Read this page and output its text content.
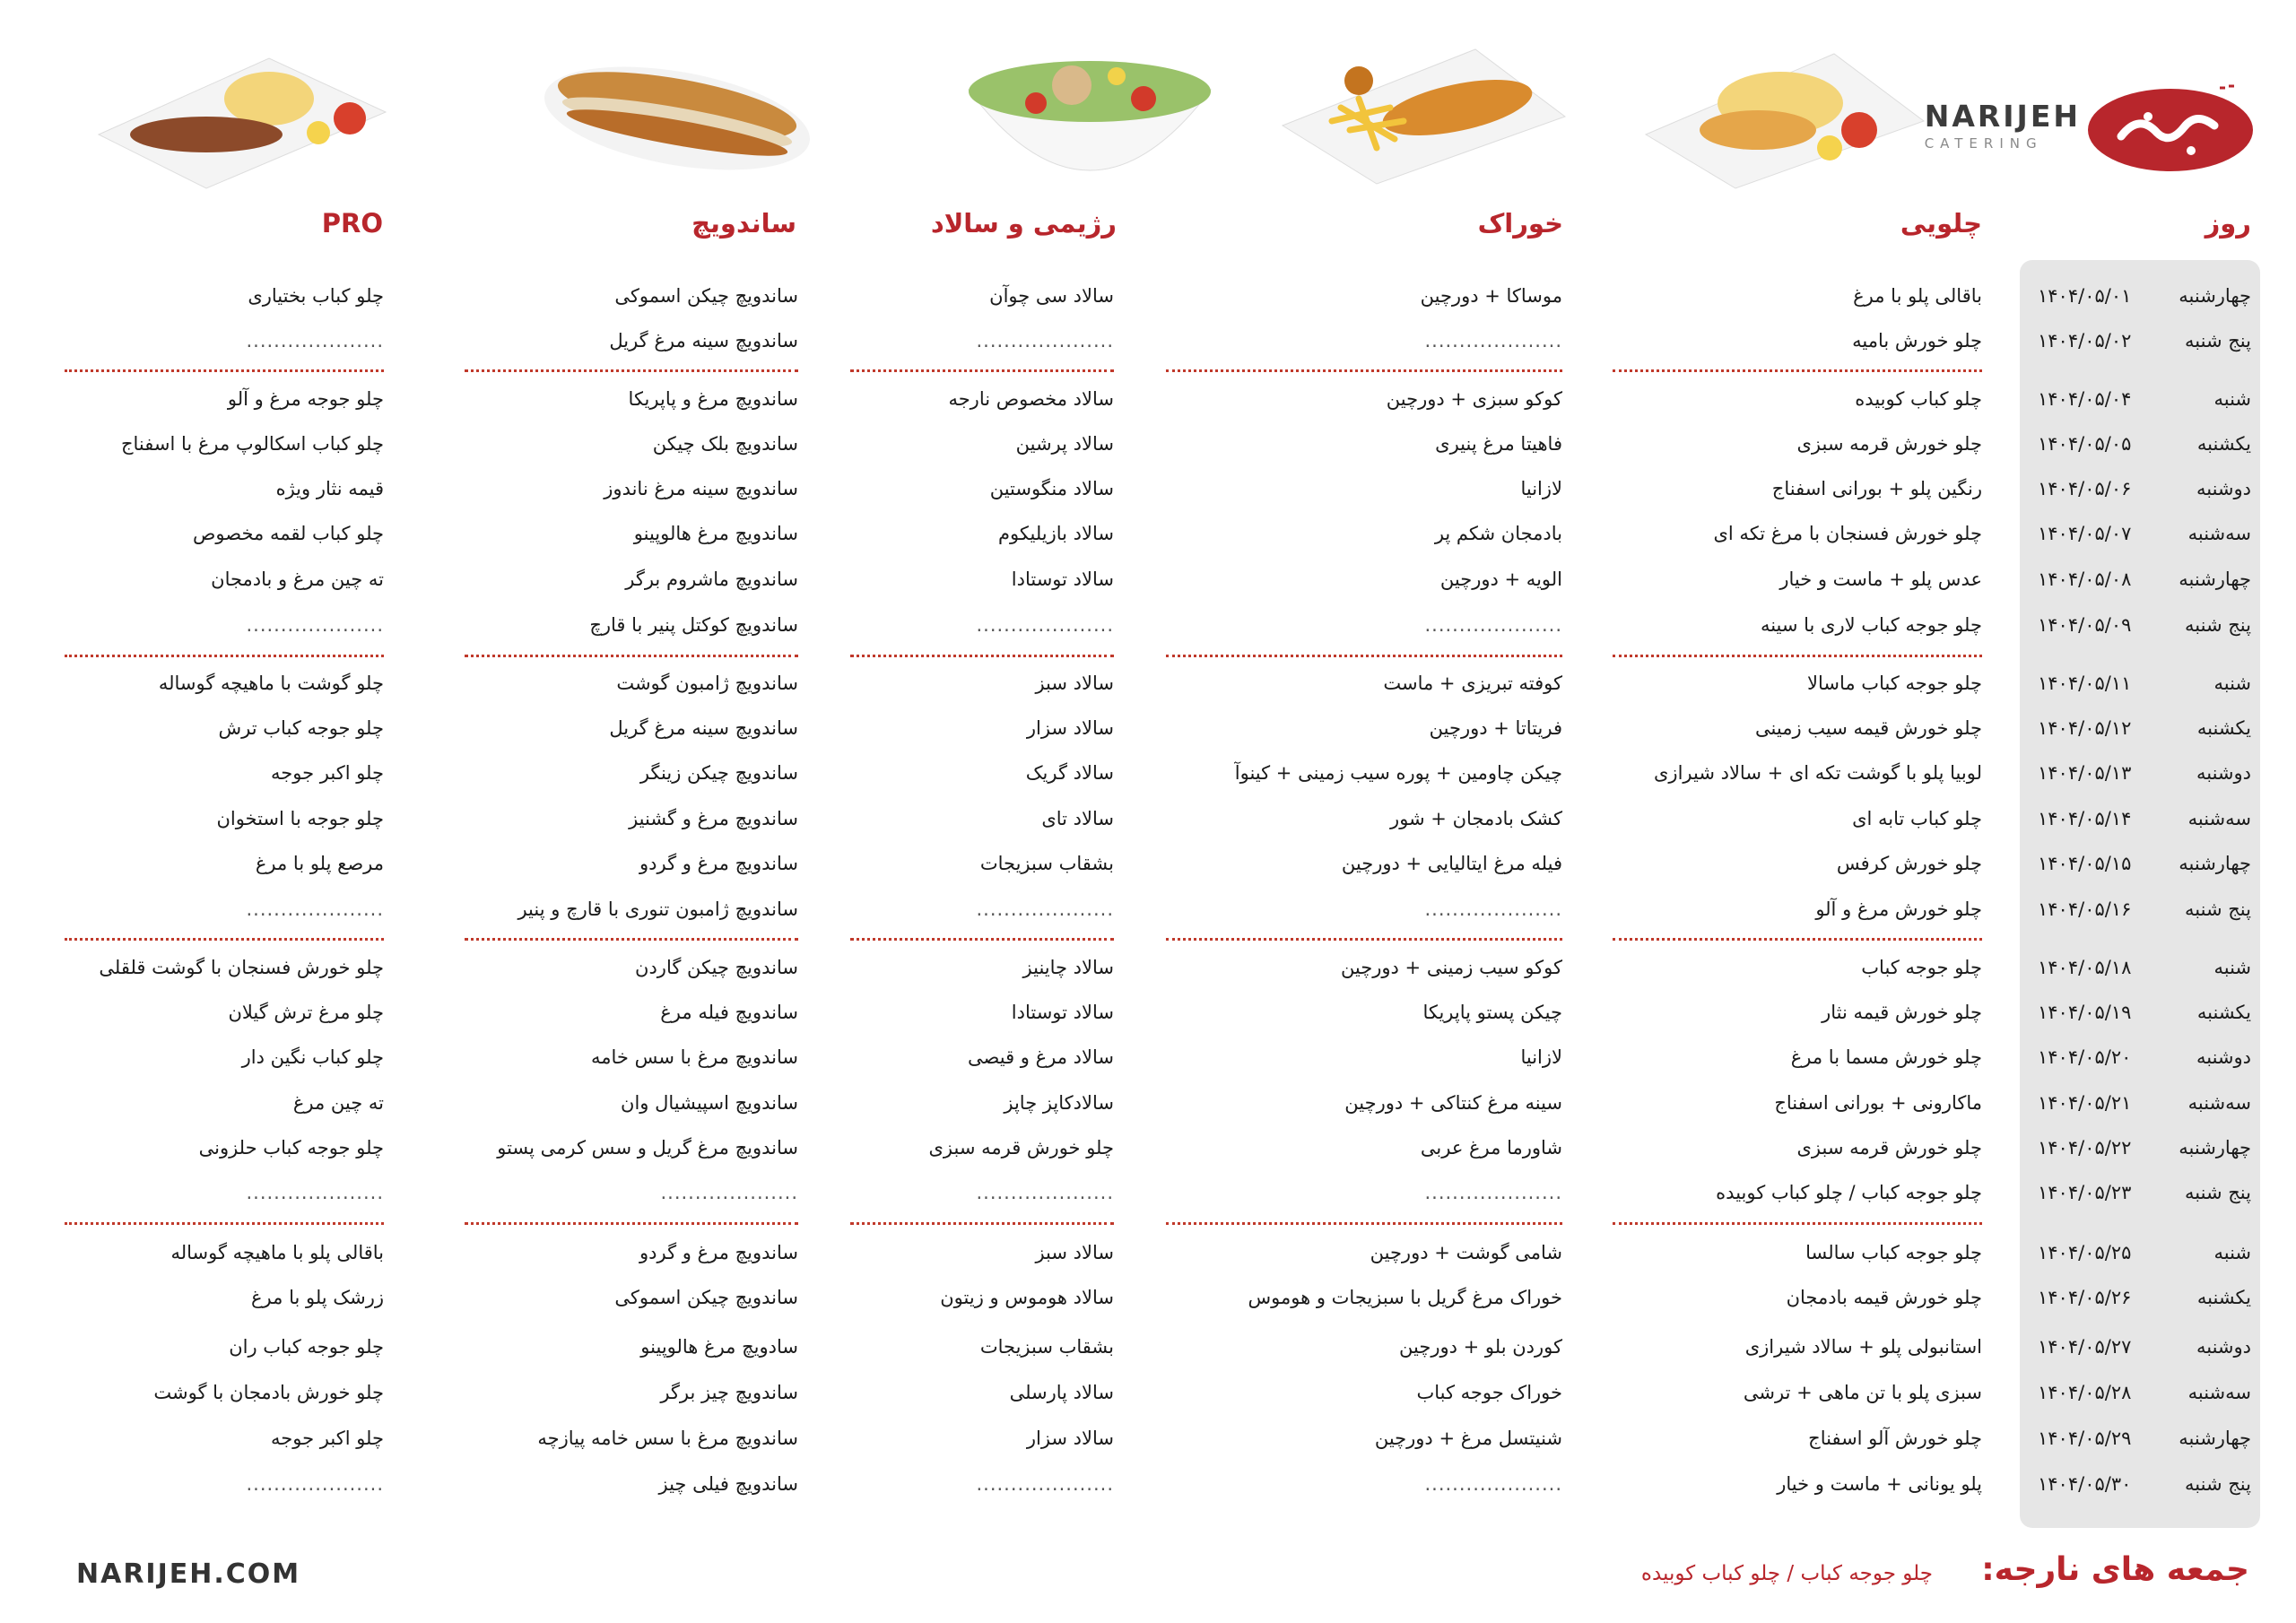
NARIJEH
CATERING
روز
چلویی
خوراک
رژیمی و سالاد
ساندویچ
PRO
چهارشنبه
۱۴۰۴/۰۵/۰۱
باقالی پلو با مرغ
موساکا + دورچین
سالاد سی چوآن
ساندویچ چیکن اسموکی
چلو کباب بختیاری
پنج شنبه
۱۴۰۴/۰۵/۰۲
چلو خورش بامیه
....................
....................
ساندویچ سینه مرغ گریل
....................
شنبه
۱۴۰۴/۰۵/۰۴
چلو کباب کوبیده
کوکو سبزی + دورچین
سالاد مخصوص نارجه
ساندویچ مرغ و پاپریکا
چلو جوجه مرغ و آلو
یکشنبه
۱۴۰۴/۰۵/۰۵
چلو خورش قرمه سبزی
فاهیتا مرغ پنیری
سالاد پرشین
ساندویچ بلک چیکن
چلو کباب اسکالوپ مرغ با اسفناج
دوشنبه
۱۴۰۴/۰۵/۰۶
رنگین پلو + بورانی اسفناج
لازانیا
سالاد منگوستین
ساندویچ سینه مرغ ناندوز
قیمه نثار ویژه
سه‌شنبه
۱۴۰۴/۰۵/۰۷
چلو خورش فسنجان با مرغ تکه ای
بادمجان شکم پر
سالاد بازیلیکوم
ساندویچ مرغ هالوپینو
چلو کباب لقمه مخصوص
چهارشنبه
۱۴۰۴/۰۵/۰۸
عدس پلو + ماست و خیار
الویه + دورچین
سالاد توستادا
ساندویچ ماشروم برگر
ته چین مرغ و بادمجان
پنج شنبه
۱۴۰۴/۰۵/۰۹
چلو جوجه کباب لاری با سینه
....................
....................
ساندویچ کوکتل پنیر با قارچ
....................
شنبه
۱۴۰۴/۰۵/۱۱
چلو جوجه کباب ماسالا
کوفته تبریزی + ماست
سالاد سبز
ساندویچ ژامبون گوشت
چلو گوشت با ماهیچه گوساله
یکشنبه
۱۴۰۴/۰۵/۱۲
چلو خورش قیمه سیب زمینی
فریتاتا + دورچین
سالاد سزار
ساندویچ سینه مرغ گریل
چلو جوجه کباب ترش
دوشنبه
۱۴۰۴/۰۵/۱۳
لوبیا پلو با گوشت تکه ای + سالاد شیرازی
چیکن چاومین + پوره سیب زمینی + کینوآ
سالاد گریک
ساندویچ چیکن زینگر
چلو اکبر جوجه
سه‌شنبه
۱۴۰۴/۰۵/۱۴
چلو کباب تابه ای
کشک بادمجان + شور
سالاد تای
ساندویچ مرغ و گشنیز
چلو جوجه با استخوان
چهارشنبه
۱۴۰۴/۰۵/۱۵
چلو خورش کرفس
فیله مرغ ایتالیایی + دورچین
بشقاب سبزیجات
ساندویچ مرغ و گردو
مرصع پلو با مرغ
پنج شنبه
۱۴۰۴/۰۵/۱۶
چلو خورش مرغ و آلو
....................
....................
ساندویچ ژامبون تنوری با قارچ و پنیر
....................
شنبه
۱۴۰۴/۰۵/۱۸
چلو جوجه کباب
کوکو سیب زمینی + دورچین
سالاد چاینیز
ساندویچ چیکن گاردن
چلو خورش فسنجان با گوشت قلقلی
یکشنبه
۱۴۰۴/۰۵/۱۹
چلو خورش قیمه نثار
چیکن پستو پاپریکا
سالاد توستادا
ساندویچ فیله مرغ
چلو مرغ ترش گیلان
دوشنبه
۱۴۰۴/۰۵/۲۰
چلو خورش مسما با مرغ
لازانیا
سالاد مرغ و قیصی
ساندویچ مرغ با سس خامه
چلو کباب نگین دار
سه‌شنبه
۱۴۰۴/۰۵/۲۱
ماکارونی + بورانی اسفناج
سینه مرغ کنتاکی + دورچین
سالادکاپز چاپز
ساندویچ اسپیشیال وان
ته چین مرغ
چهارشنبه
۱۴۰۴/۰۵/۲۲
چلو خورش قرمه سبزی
شاورما مرغ عربی
چلو خورش قرمه سبزی
ساندویچ مرغ گریل و سس کرمی پستو
چلو جوجه کباب حلزونی
پنج شنبه
۱۴۰۴/۰۵/۲۳
چلو جوجه کباب / چلو کباب کوبیده
....................
....................
....................
....................
شنبه
۱۴۰۴/۰۵/۲۵
چلو جوجه کباب سالسا
شامی گوشت + دورچین
سالاد سبز
ساندویچ مرغ و گردو
باقالی پلو با ماهیچه گوساله
یکشنبه
۱۴۰۴/۰۵/۲۶
چلو خورش قیمه بادمجان
خوراک مرغ گریل با سبزیجات و هوموس
سالاد هوموس و زیتون
ساندویچ چیکن اسموکی
زرشک پلو با مرغ
دوشنبه
۱۴۰۴/۰۵/۲۷
استانبولی پلو + سالاد شیرازی
کوردن بلو + دورچین
بشقاب سبزیجات
سادویچ مرغ هالوپینو
چلو جوجه کباب ران
سه‌شنبه
۱۴۰۴/۰۵/۲۸
سبزی پلو با تن ماهی + ترشی
خوراک جوجه کباب
سالاد پارسلی
ساندویچ چیز برگر
چلو خورش بادمجان با گوشت
چهارشنبه
۱۴۰۴/۰۵/۲۹
چلو خورش آلو اسفناج
شنیتسل مرغ + دورچین
سالاد سزار
ساندویچ مرغ با سس خامه پیازچه
چلو اکبر جوجه
پنج شنبه
۱۴۰۴/۰۵/۳۰
پلو یونانی + ماست و خیار
....................
....................
ساندویچ فیلی چیز
....................
NARIJEH.COM	جمعه های نارجه:
چلو جوجه کباب / چلو کباب کوبیده
